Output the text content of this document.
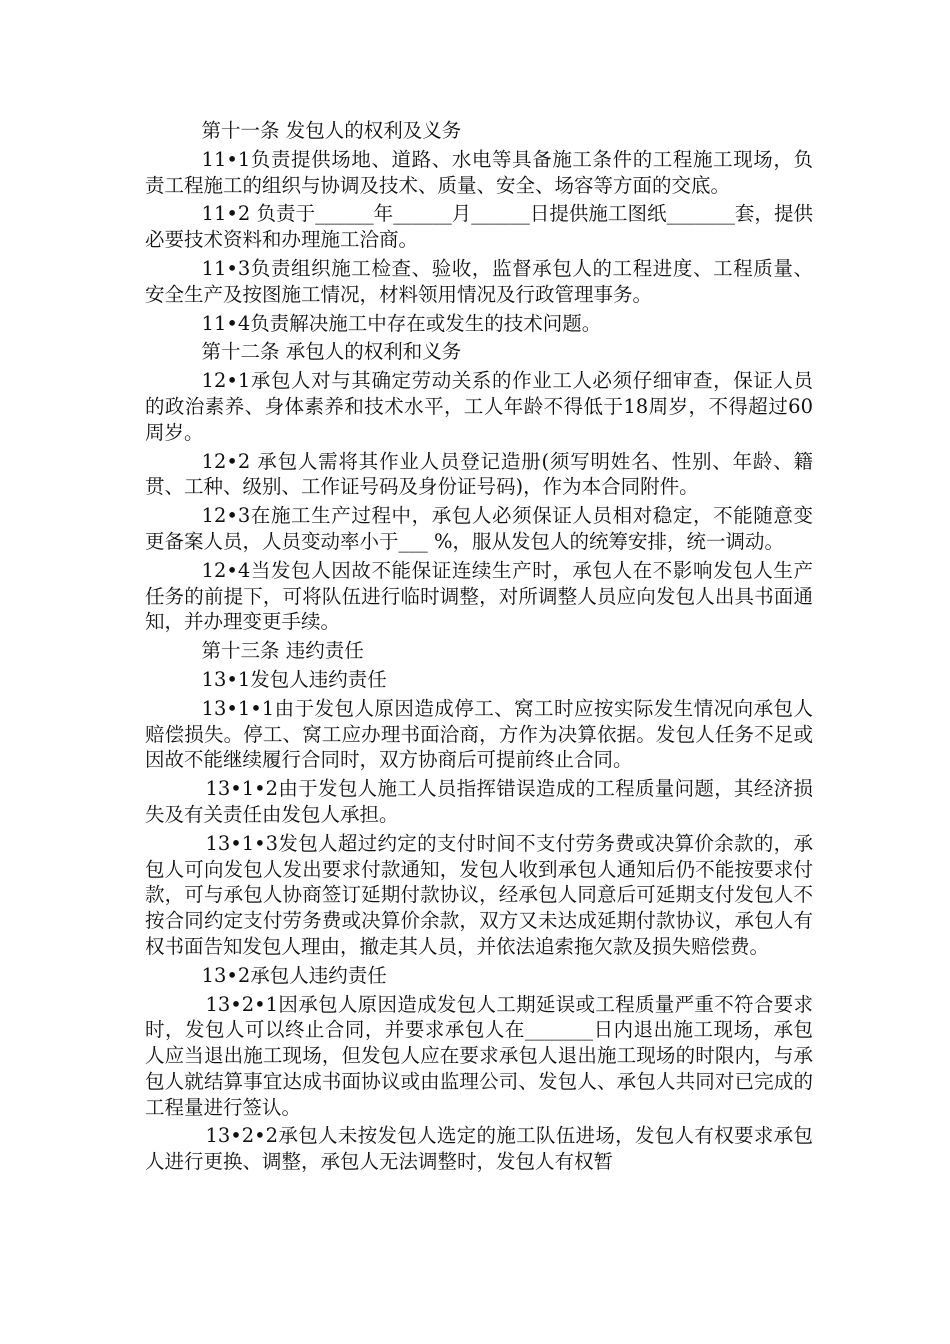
第十一条 发包人的权利及义务

11•1负责提供场地、道路、水电等具备施工条件的工程施工现场，负责工程施工的组织与协调及技术、质量、安全、场容等方面的交底。

11•2 负责于______年______月______日提供施工图纸_______套，提供必要技术资料和办理施工洽商。

11•3负责组织施工检查、验收，监督承包人的工程进度、工程质量、安全生产及按图施工情况，材料领用情况及行政管理事务。

11•4负责解决施工中存在或发生的技术问题。

第十二条 承包人的权利和义务

12•1承包人对与其确定劳动关系的作业工人必须仔细审查，保证人员的政治素养、身体素养和技术水平，工人年龄不得低于18周岁，不得超过60周岁。

12•2 承包人需将其作业人员登记造册(须写明姓名、性别、年龄、籍贯、工种、级别、工作证号码及身份证号码)，作为本合同附件。

12•3在施工生产过程中，承包人必须保证人员相对稳定，不能随意变更备案人员，人员变动率小于___ %，服从发包人的统筹安排，统一调动。

12•4当发包人因故不能保证连续生产时，承包人在不影响发包人生产任务的前提下，可将队伍进行临时调整，对所调整人员应向发包人出具书面通知，并办理变更手续。

第十三条 违约责任

13•1发包人违约责任

13•1•1由于发包人原因造成停工、窝工时应按实际发生情况向承包人赔偿损失。停工、窝工应办理书面洽商，方作为决算依据。发包人任务不足或因故不能继续履行合同时，双方协商后可提前终止合同。

13•1•2由于发包人施工人员指挥错误造成的工程质量问题，其经济损失及有关责任由发包人承担。

13•1•3发包人超过约定的支付时间不支付劳务费或决算价余款的，承包人可向发包人发出要求付款通知，发包人收到承包人通知后仍不能按要求付款，可与承包人协商签订延期付款协议，经承包人同意后可延期支付发包人不按合同约定支付劳务费或决算价余款，双方又未达成延期付款协议，承包人有权书面告知发包人理由，撤走其人员，并依法追索拖欠款及损失赔偿费。

13•2承包人违约责任

13•2•1因承包人原因造成发包人工期延误或工程质量严重不符合要求时，发包人可以终止合同，并要求承包人在_______日内退出施工现场，承包人应当退出施工现场，但发包人应在要求承包人退出施工现场的时限内，与承包人就结算事宜达成书面协议或由监理公司、发包人、承包人共同对已完成的工程量进行签认。

13•2•2承包人未按发包人选定的施工队伍进场，发包人有权要求承包人进行更换、调整，承包人无法调整时，发包人有权暂
